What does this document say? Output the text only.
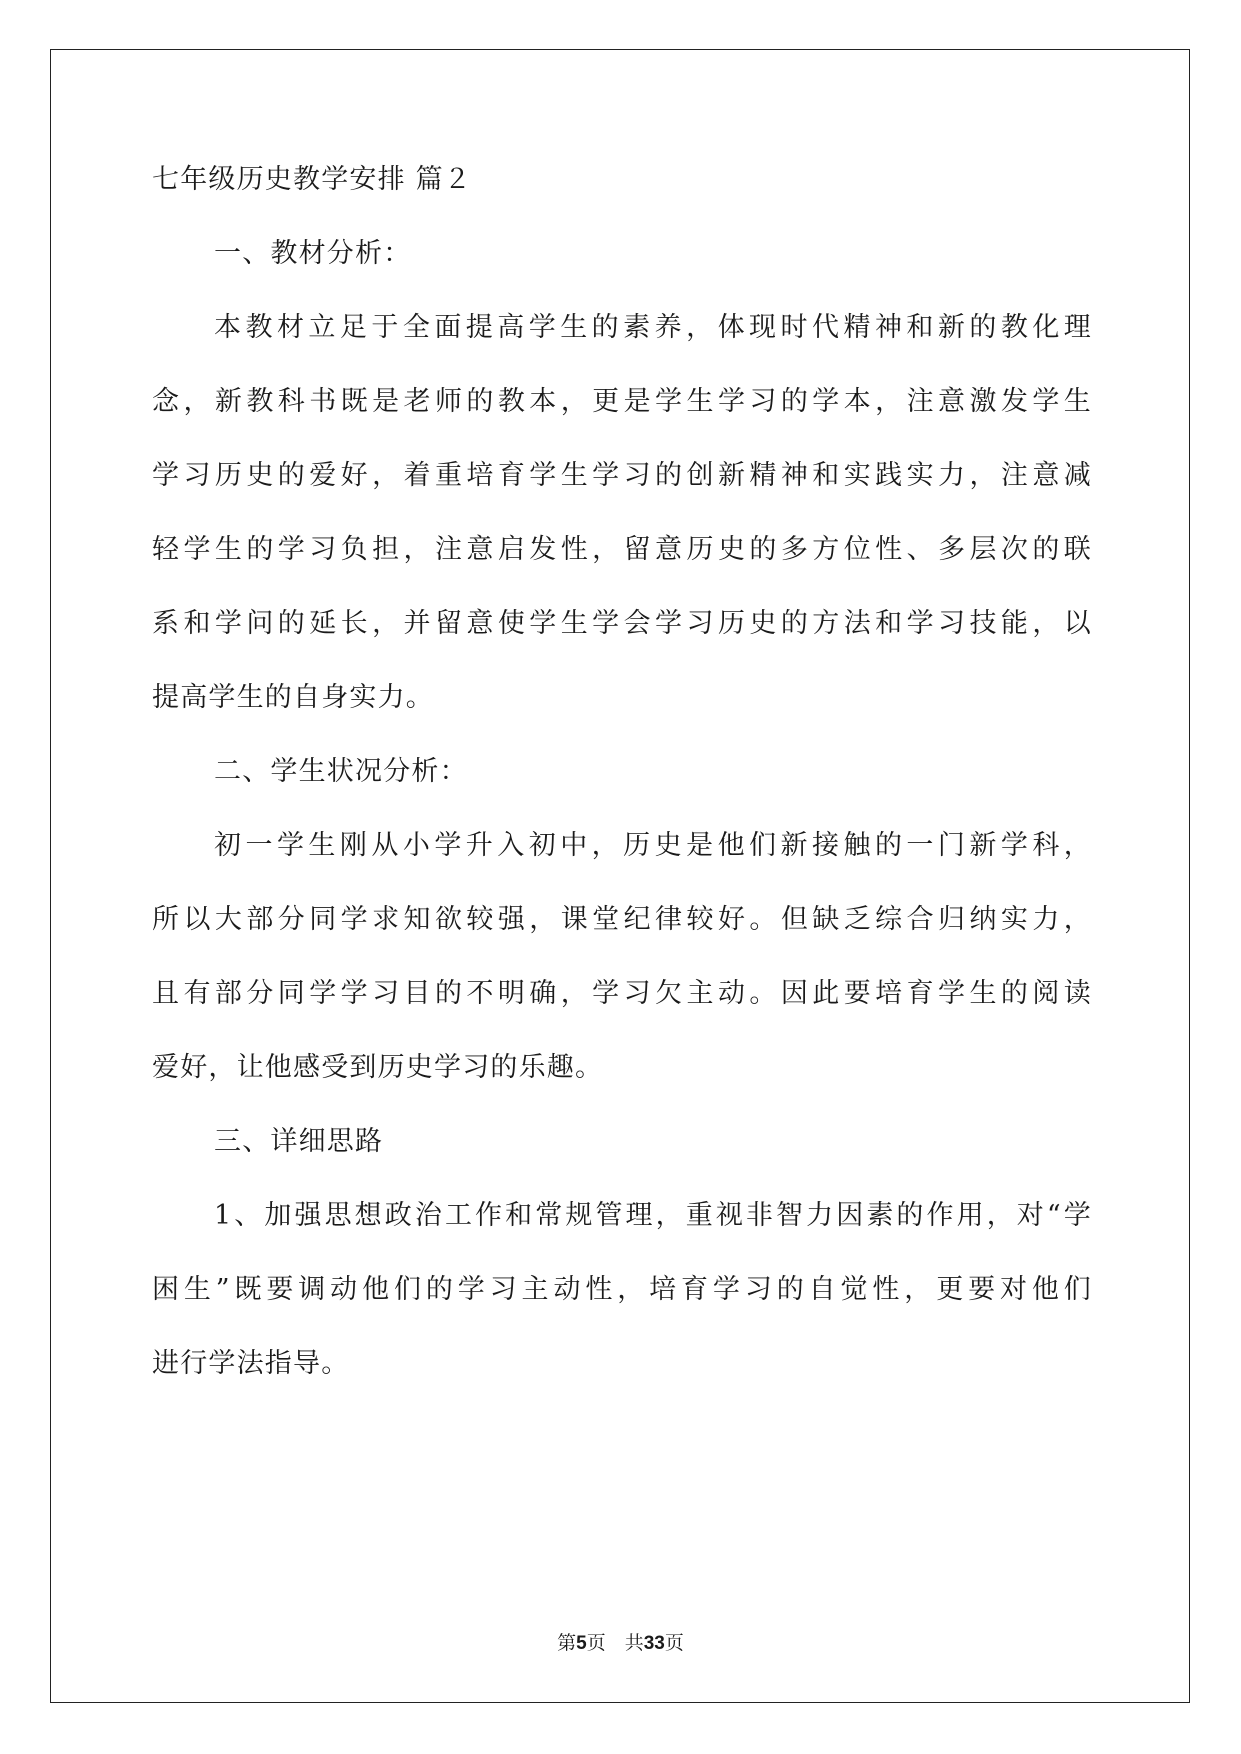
七年级历史教学安排 篇２

一、教材分析：

本教材立足于全面提高学生的素养，体现时代精神和新的教化理

念，新教科书既是老师的教本，更是学生学习的学本，注意激发学生

学习历史的爱好，着重培育学生学习的创新精神和实践实力，注意减

轻学生的学习负担，注意启发性，留意历史的多方位性、多层次的联

系和学问的延长，并留意使学生学会学习历史的方法和学习技能，以

提高学生的自身实力。

二、学生状况分析：

初一学生刚从小学升入初中，历史是他们新接触的一门新学科，

所以大部分同学求知欲较强，课堂纪律较好。但缺乏综合归纳实力，

且有部分同学学习目的不明确，学习欠主动。因此要培育学生的阅读

爱好，让他感受到历史学习的乐趣。

三、详细思路

1、加强思想政治工作和常规管理，重视非智力因素的作用，对“学

困生”既要调动他们的学习主动性，培育学习的自觉性，更要对他们

进行学法指导。

第5页　共33页
